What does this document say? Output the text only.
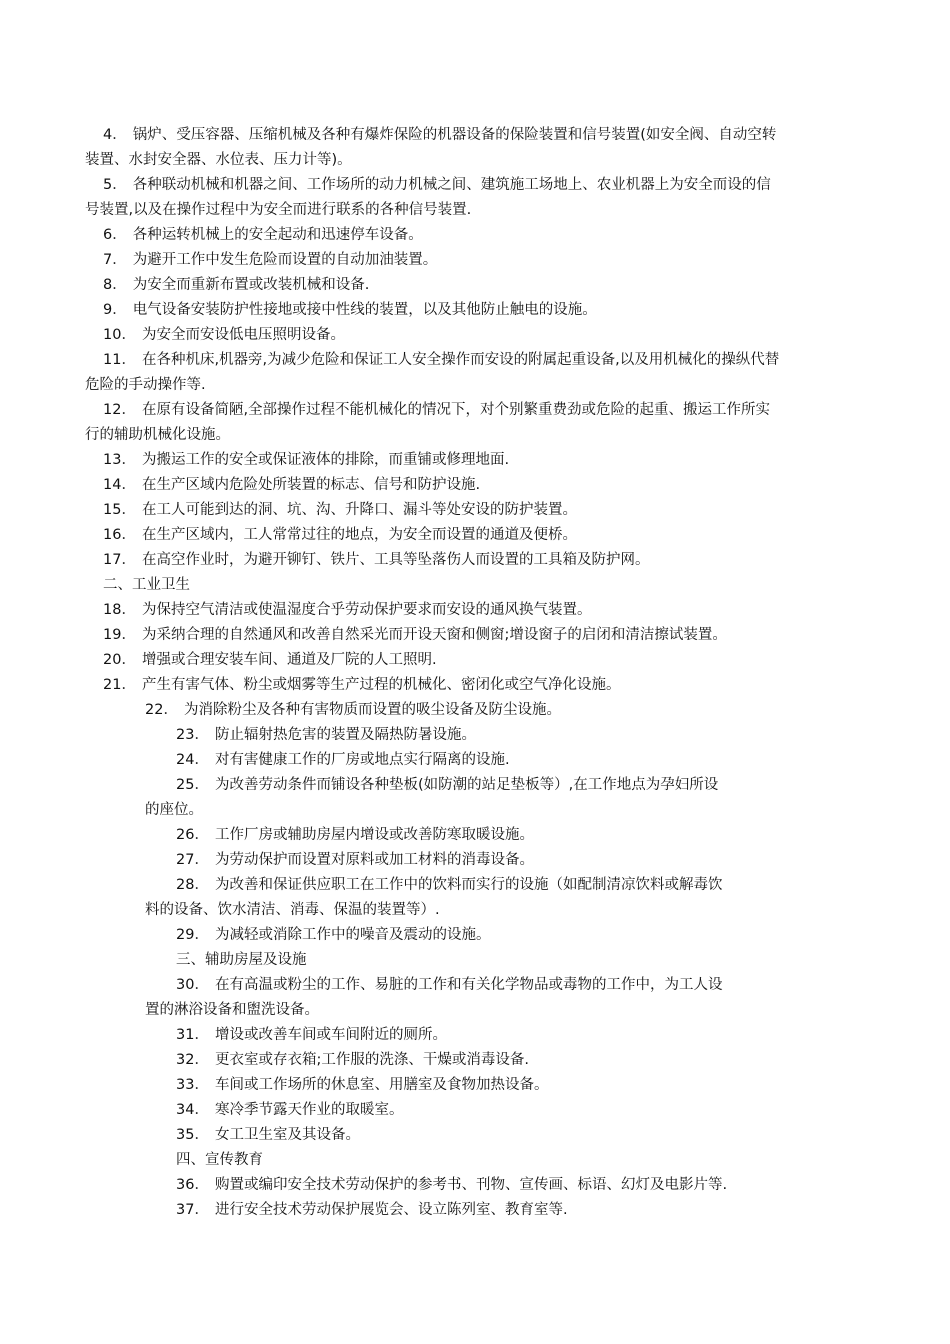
4． 锅炉、受压容器、压缩机械及各种有爆炸保险的机器设备的保险装置和信号装置(如安全阀、自动空转
装置、水封安全器、水位表、压力计等)。
5． 各种联动机械和机器之间、工作场所的动力机械之间、建筑施工场地上、农业机器上为安全而设的信
号装置,以及在操作过程中为安全而进行联系的各种信号装置.
6． 各种运转机械上的安全起动和迅速停车设备。
7． 为避开工作中发生危险而设置的自动加油装置。
8． 为安全而重新布置或改装机械和设备.
9． 电气设备安装防护性接地或接中性线的装置，以及其他防止触电的设施。
10． 为安全而安设低电压照明设备。
11． 在各种机床,机器旁,为减少危险和保证工人安全操作而安设的附属起重设备,以及用机械化的操纵代替
危险的手动操作等.
12． 在原有设备简陋,全部操作过程不能机械化的情况下，对个别繁重费劲或危险的起重、搬运工作所实
行的辅助机械化设施。
13． 为搬运工作的安全或保证液体的排除，而重铺或修理地面.
14． 在生产区域内危险处所装置的标志、信号和防护设施.
15． 在工人可能到达的洞、坑、沟、升降口、漏斗等处安设的防护装置。
16． 在生产区域内，工人常常过往的地点，为安全而设置的通道及便桥。
17． 在高空作业时，为避开铆钉、铁片、工具等坠落伤人而设置的工具箱及防护网。
二、工业卫生
18． 为保持空气清洁或使温湿度合乎劳动保护要求而安设的通风换气装置。
19． 为采纳合理的自然通风和改善自然采光而开设天窗和侧窗;增设窗子的启闭和清洁擦试装置。
20． 增强或合理安装车间、通道及厂院的人工照明.
21． 产生有害气体、粉尘或烟雾等生产过程的机械化、密闭化或空气净化设施。
22． 为消除粉尘及各种有害物质而设置的吸尘设备及防尘设施。
23． 防止辐射热危害的装置及隔热防暑设施。
24． 对有害健康工作的厂房或地点实行隔离的设施.
25． 为改善劳动条件而铺设各种垫板(如防潮的站足垫板等）,在工作地点为孕妇所设
的座位。
26． 工作厂房或辅助房屋内增设或改善防寒取暖设施。
27． 为劳动保护而设置对原料或加工材料的消毒设备。
28． 为改善和保证供应职工在工作中的饮料而实行的设施（如配制清凉饮料或解毒饮
料的设备、饮水清洁、消毒、保温的装置等）.
29． 为减轻或消除工作中的噪音及震动的设施。
三、辅助房屋及设施
30． 在有高温或粉尘的工作、易脏的工作和有关化学物品或毒物的工作中，为工人设
置的淋浴设备和盥洗设备。
31． 增设或改善车间或车间附近的厕所。
32． 更衣室或存衣箱;工作服的洗涤、干燥或消毒设备.
33． 车间或工作场所的休息室、用膳室及食物加热设备。
34． 寒冷季节露天作业的取暖室。
35． 女工卫生室及其设备。
四、宣传教育
36． 购置或编印安全技术劳动保护的参考书、刊物、宣传画、标语、幻灯及电影片等.
37． 进行安全技术劳动保护展览会、设立陈列室、教育室等.
